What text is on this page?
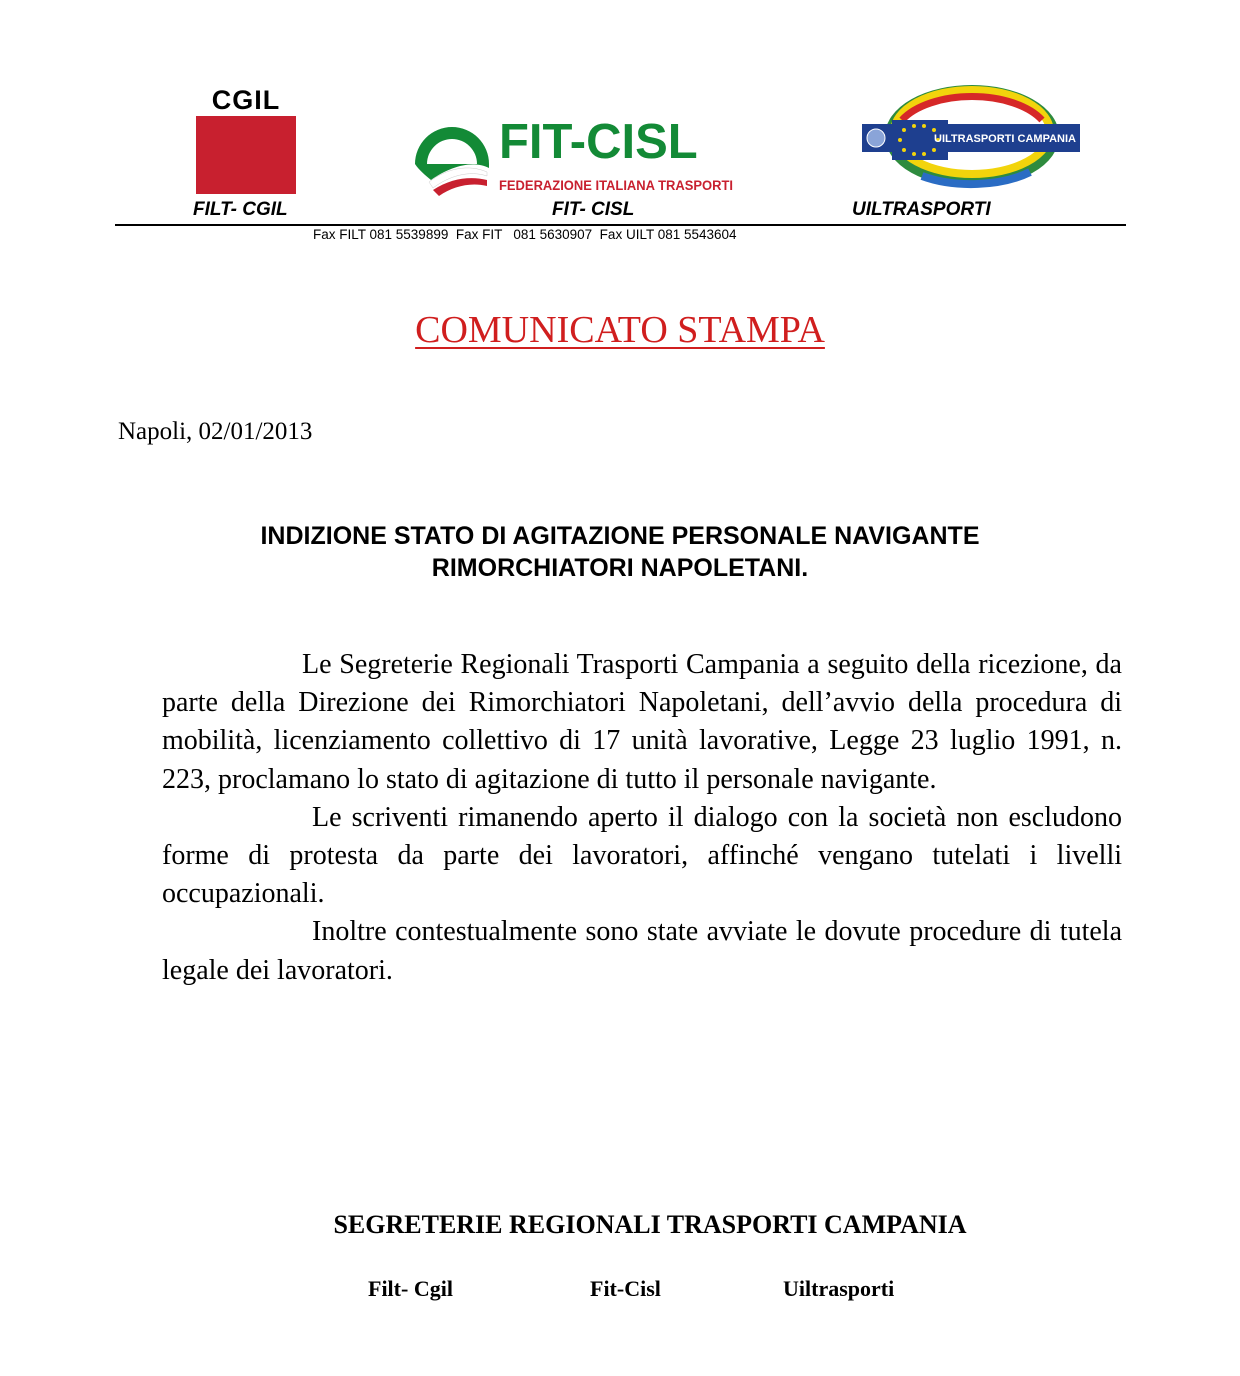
CGIL
FIT-CISL
FEDERAZIONE ITALIANA TRASPORTI
UILTRASPORTI CAMPANIA
FILT- CGIL	FIT- CISL	UILTRASPORTI
Fax FILT 081 5539899  Fax FIT   081 5630907  Fax UILT 081 5543604
COMUNICATO STAMPA
Napoli, 02/01/2013
INDIZIONE STATO DI AGITAZIONE PERSONALE NAVIGANTE
RIMORCHIATORI NAPOLETANI.

Le Segreterie Regionali Trasporti Campania a seguito della ricezione, da parte della Direzione dei Rimorchiatori Napoletani, dell’avvio della procedura di mobilità, licenziamento collettivo di 17 unità lavorative, Legge 23 luglio 1991, n. 223, proclamano lo stato di agitazione di tutto il personale navigante.

Le scriventi rimanendo aperto il dialogo con la società non escludono forme di protesta da parte dei lavoratori, affinché vengano tutelati i livelli occupazionali.

Inoltre contestualmente sono state avviate le dovute procedure di tutela legale dei lavoratori.

SEGRETERIE REGIONALI TRASPORTI CAMPANIA
Filt- Cgil	Fit-Cisl	Uiltrasporti
